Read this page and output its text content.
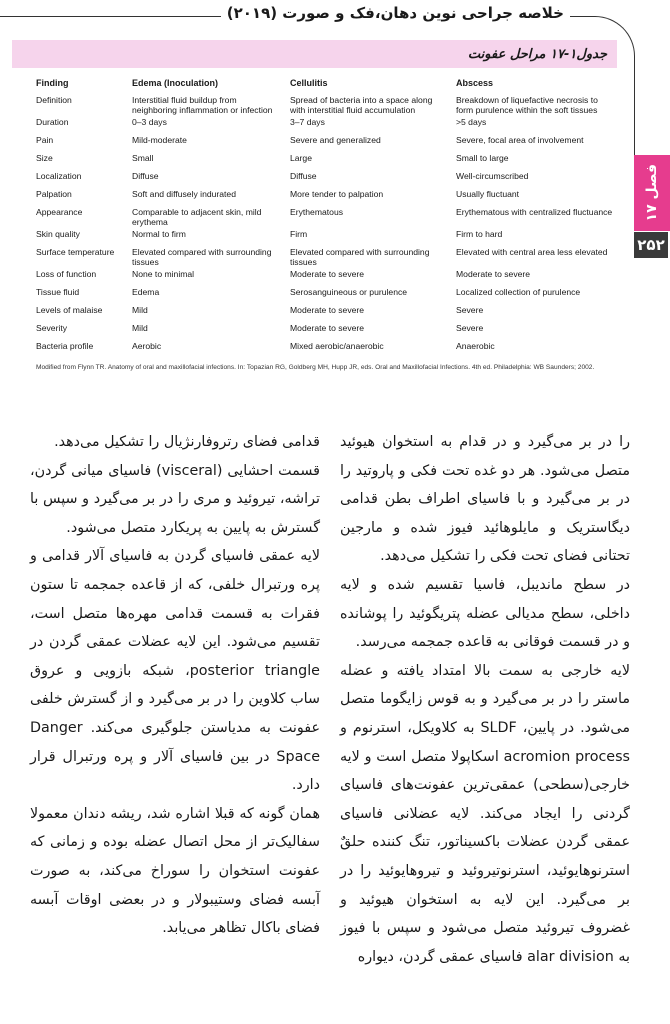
خلاصه جراحی نوین دهان،فک و صورت (۲۰۱۹)
فصل ۱۷
۲۵۲
جدول۱-۱۷ مراحل عفونت
Finding	Edema (Inoculation)	Cellulitis	Abscess
Definition	Interstitial fluid buildup from neighboring inflammation or infection	Spread of bacteria into a space along with interstitial fluid accumulation	Breakdown of liquefactive necrosis to form purulence within the soft tissues
Duration	0–3 days	3–7 days	>5 days
Pain	Mild-moderate	Severe and generalized	Severe, focal area of involvement
Size	Small	Large	Small to large
Localization	Diffuse	Diffuse	Well-circumscribed
Palpation	Soft and diffusely indurated	More tender to palpation	Usually fluctuant
Appearance	Comparable to adjacent skin, mild erythema	Erythematous	Erythematous with centralized fluctuance
Skin quality	Normal to firm	Firm	Firm to hard
Surface temperature	Elevated compared with surrounding tissues	Elevated compared with surrounding tissues	Elevated with central area less elevated
Loss of function	None to minimal	Moderate to severe	Moderate to severe
Tissue fluid	Edema	Serosanguineous or purulence	Localized collection of purulence
Levels of malaise	Mild	Moderate to severe	Severe
Severity	Mild	Moderate to severe	Severe
Bacteria profile	Aerobic	Mixed aerobic/anaerobic	Anaerobic
Modified from Flynn TR. Anatomy of oral and maxillofacial infections. In: Topazian RG, Goldberg MH, Hupp JR, eds. Oral and Maxillofacial Infections. 4th ed. Philadelphia: WB Saunders; 2002.

را در بر می‌گیرد و در قدام به استخوان هیوئید متصل می‌شود. هر دو غده تحت فکی و پاروتید را در بر می‌گیرد و با فاسیای اطراف بطن قدامی دیگاستریک و مایلوهائید فیوز شده و مارجین تحتانی فضای تحت فکی را تشکیل می‌دهد.

در سطح ماندیبل، فاسیا تقسیم شده و لایه داخلی، سطح مدیالی عضله پتریگوئید را پوشانده و در قسمت فوقانی به قاعده جمجمه می‌رسد.

لایه خارجی به سمت بالا امتداد یافته و عضله ماستر را در بر می‌گیرد و به قوس زایگوما متصل می‌شود. در پایین، SLDF به کلاویکل، استرنوم و acromion process اسکاپولا متصل است و لایه خارجی(سطحی) عمقی‌ترین عفونت‌های فاسیای گردنی را ایجاد می‌کند. لایه عضلانی فاسیای عمقی گردن عضلات باکسیناتور، تنگ کننده حلقٌ استرنوهایوئید، استرنوتیروئید و تیروهایوئید را در بر می‌گیرد. این لایه به استخوان هیوئید و غضروف تیروئید متصل می‌شود و سپس با فیوز به alar division فاسیای عمقی گردن، دیواره

قدامی فضای رتروفارنژیال را تشکیل می‌دهد.

قسمت احشایی (visceral) فاسیای میانی گردن، تراشه، تیروئید و مری را در بر می‌گیرد و سپس با گسترش به پایین به پریکارد متصل می‌شود.

لایه عمقی فاسیای گردن به فاسیای آلار قدامی و پره ورتبرال خلفی، که از قاعده جمجمه تا ستون فقرات به قسمت قدامی مهره‌ها متصل است، تقسیم می‌شود. این لایه عضلات عمقی گردن در posterior triangle، شبکه بازویی و عروق ساب کلاوین را در بر می‌گیرد و از گسترش خلفی عفونت به مدیاستن جلوگیری می‌کند. Danger Space در بین فاسیای آلار و پره ورتبرال قرار دارد.

همان گونه که قبلا اشاره شد، ریشه دندان معمولا سفالیک‌تر از محل اتصال عضله بوده و زمانی که عفونت استخوان را سوراخ می‌کند، به صورت آبسه فضای وستیبولار و در بعضی اوقات آبسه فضای باکال تظاهر می‌یابد.
